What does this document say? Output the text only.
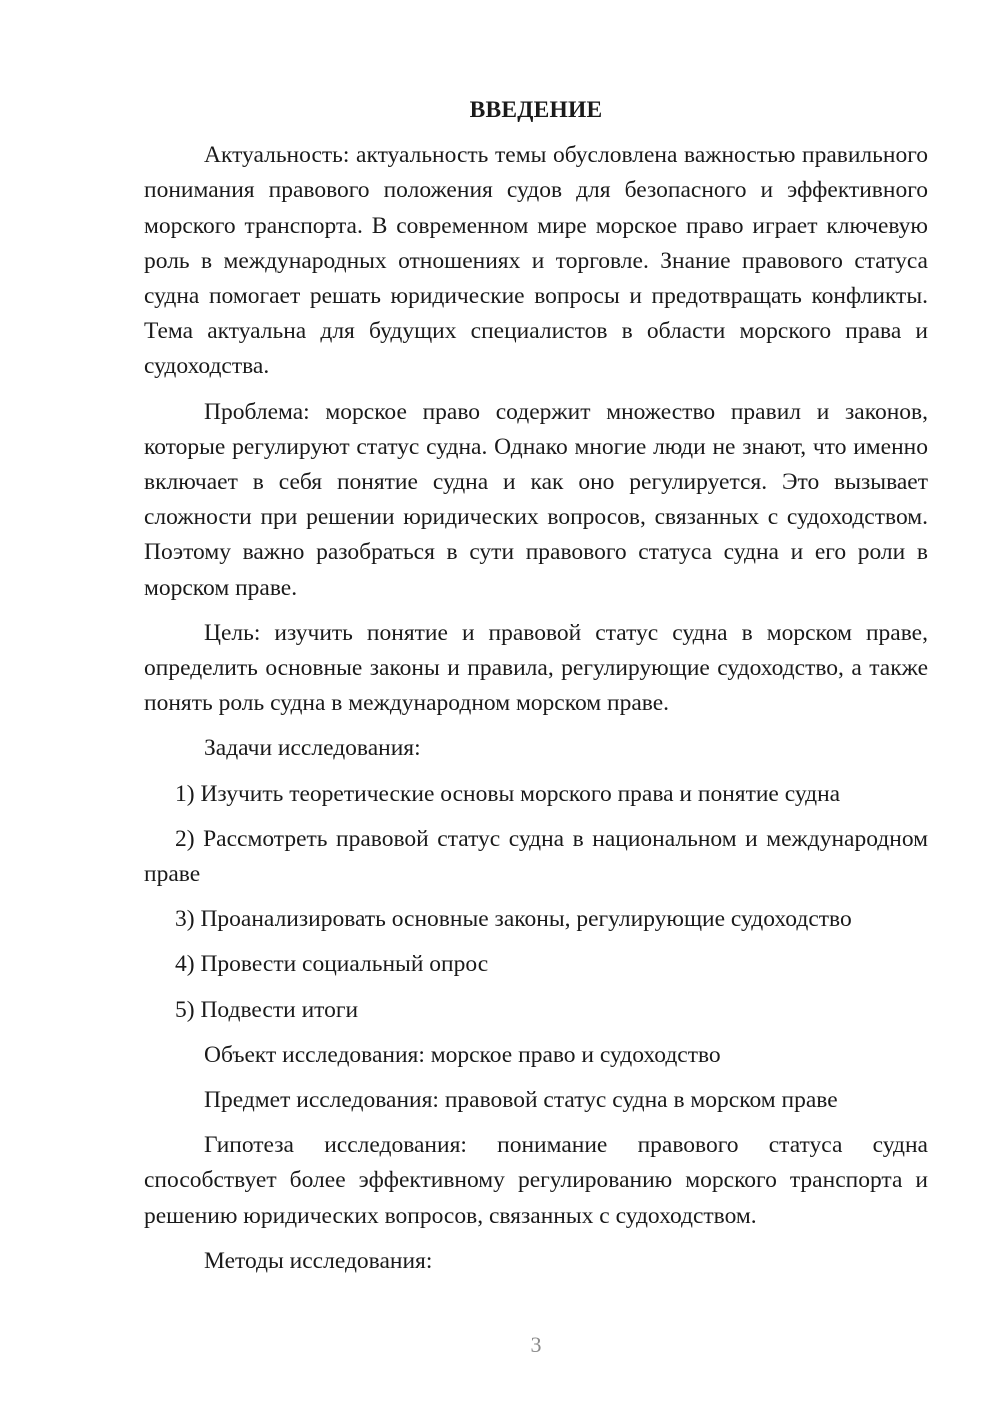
ВВЕДЕНИЕ

Актуальность: актуальность темы обусловлена важностью правильного понимания правового положения судов для безопасного и эффективного морского транспорта. В современном мире морское право играет ключевую роль в международных отношениях и торговле. Знание правового статуса судна помогает решать юридические вопросы и предотвращать конфликты. Тема актуальна для будущих специалистов в области морского права и судоходства.

Проблема: морское право содержит множество правил и законов, которые регулируют статус судна. Однако многие люди не знают, что именно включает в себя понятие судна и как оно регулируется. Это вызывает сложности при решении юридических вопросов, связанных с судоходством. Поэтому важно разобраться в сути правового статуса судна и его роли в морском праве.

Цель: изучить понятие и правовой статус судна в морском праве, определить основные законы и правила, регулирующие судоходство, а также понять роль судна в международном морском праве.

Задачи исследования:

1) Изучить теоретические основы морского права и понятие судна

2) Рассмотреть правовой статус судна в национальном и международном праве

3) Проанализировать основные законы, регулирующие судоходство

4) Провести социальный опрос

5) Подвести итоги

Объект исследования: морское право и судоходство

Предмет исследования: правовой статус судна в морском праве

Гипотеза исследования: понимание правового статуса судна способствует более эффективному регулированию морского транспорта и решению юридических вопросов, связанных с судоходством.

Методы исследования:

3
